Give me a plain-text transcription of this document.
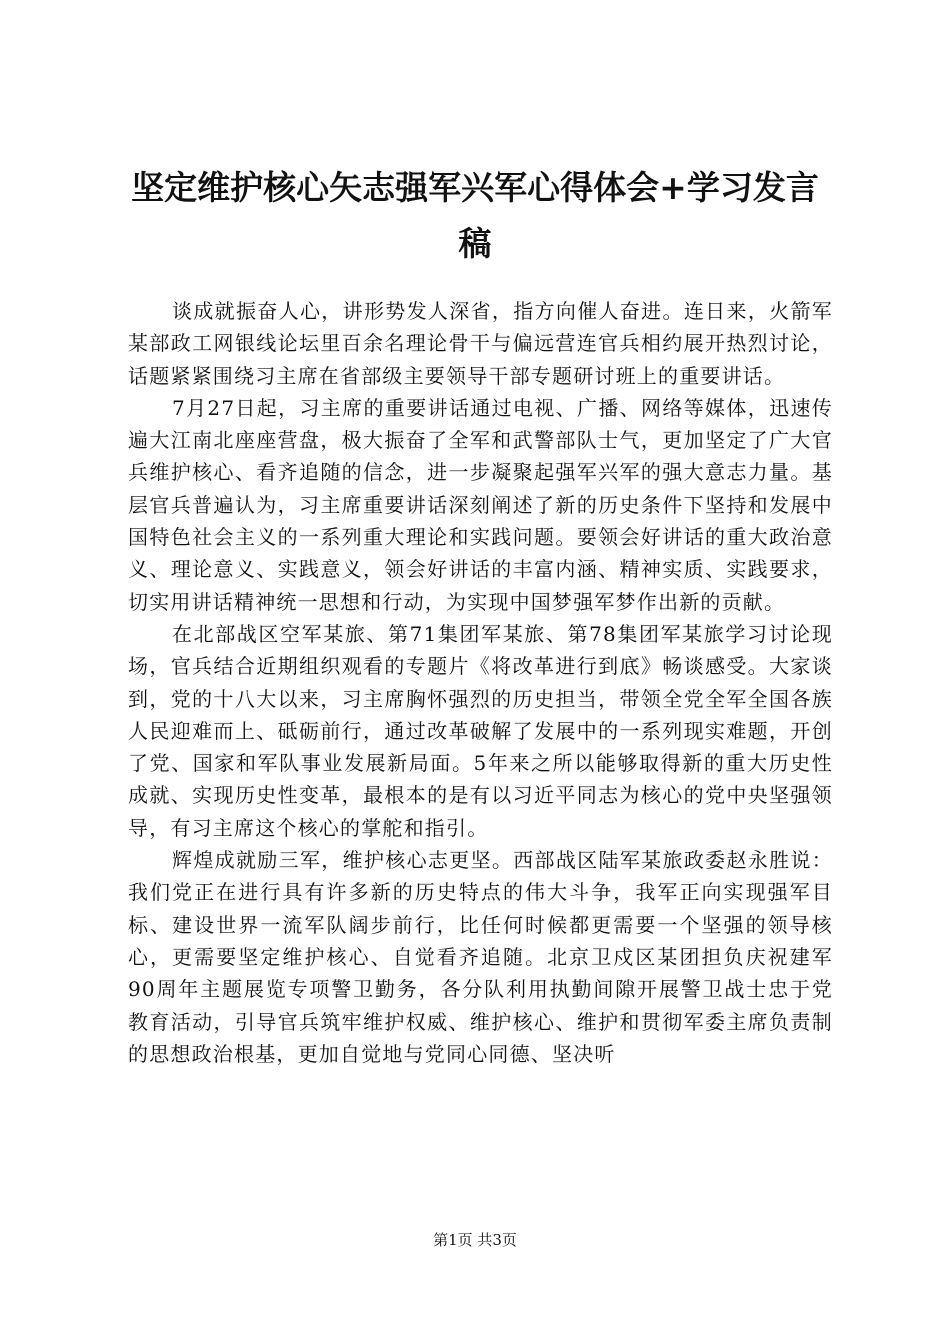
坚定维护核心矢志强军兴军心得体会+学习发言稿

谈成就振奋人心，讲形势发人深省，指方向催人奋进。连日来，火箭军某部政工网银线论坛里百余名理论骨干与偏远营连官兵相约展开热烈讨论，话题紧紧围绕习主席在省部级主要领导干部专题研讨班上的重要讲话。

7月27日起，习主席的重要讲话通过电视、广播、网络等媒体，迅速传遍大江南北座座营盘，极大振奋了全军和武警部队士气，更加坚定了广大官兵维护核心、看齐追随的信念，进一步凝聚起强军兴军的强大意志力量。基层官兵普遍认为，习主席重要讲话深刻阐述了新的历史条件下坚持和发展中国特色社会主义的一系列重大理论和实践问题。要领会好讲话的重大政治意义、理论意义、实践意义，领会好讲话的丰富内涵、精神实质、实践要求，切实用讲话精神统一思想和行动，为实现中国梦强军梦作出新的贡献。

在北部战区空军某旅、第71集团军某旅、第78集团军某旅学习讨论现场，官兵结合近期组织观看的专题片《将改革进行到底》畅谈感受。大家谈到，党的十八大以来，习主席胸怀强烈的历史担当，带领全党全军全国各族人民迎难而上、砥砺前行，通过改革破解了发展中的一系列现实难题，开创了党、国家和军队事业发展新局面。5年来之所以能够取得新的重大历史性成就、实现历史性变革，最根本的是有以习近平同志为核心的党中央坚强领导，有习主席这个核心的掌舵和指引。

辉煌成就励三军，维护核心志更坚。西部战区陆军某旅政委赵永胜说：我们党正在进行具有许多新的历史特点的伟大斗争，我军正向实现强军目标、建设世界一流军队阔步前行，比任何时候都更需要一个坚强的领导核心，更需要坚定维护核心、自觉看齐追随。北京卫戍区某团担负庆祝建军90周年主题展览专项警卫勤务，各分队利用执勤间隙开展警卫战士忠于党教育活动，引导官兵筑牢维护权威、维护核心、维护和贯彻军委主席负责制的思想政治根基，更加自觉地与党同心同德、坚决听

第1页 共3页
